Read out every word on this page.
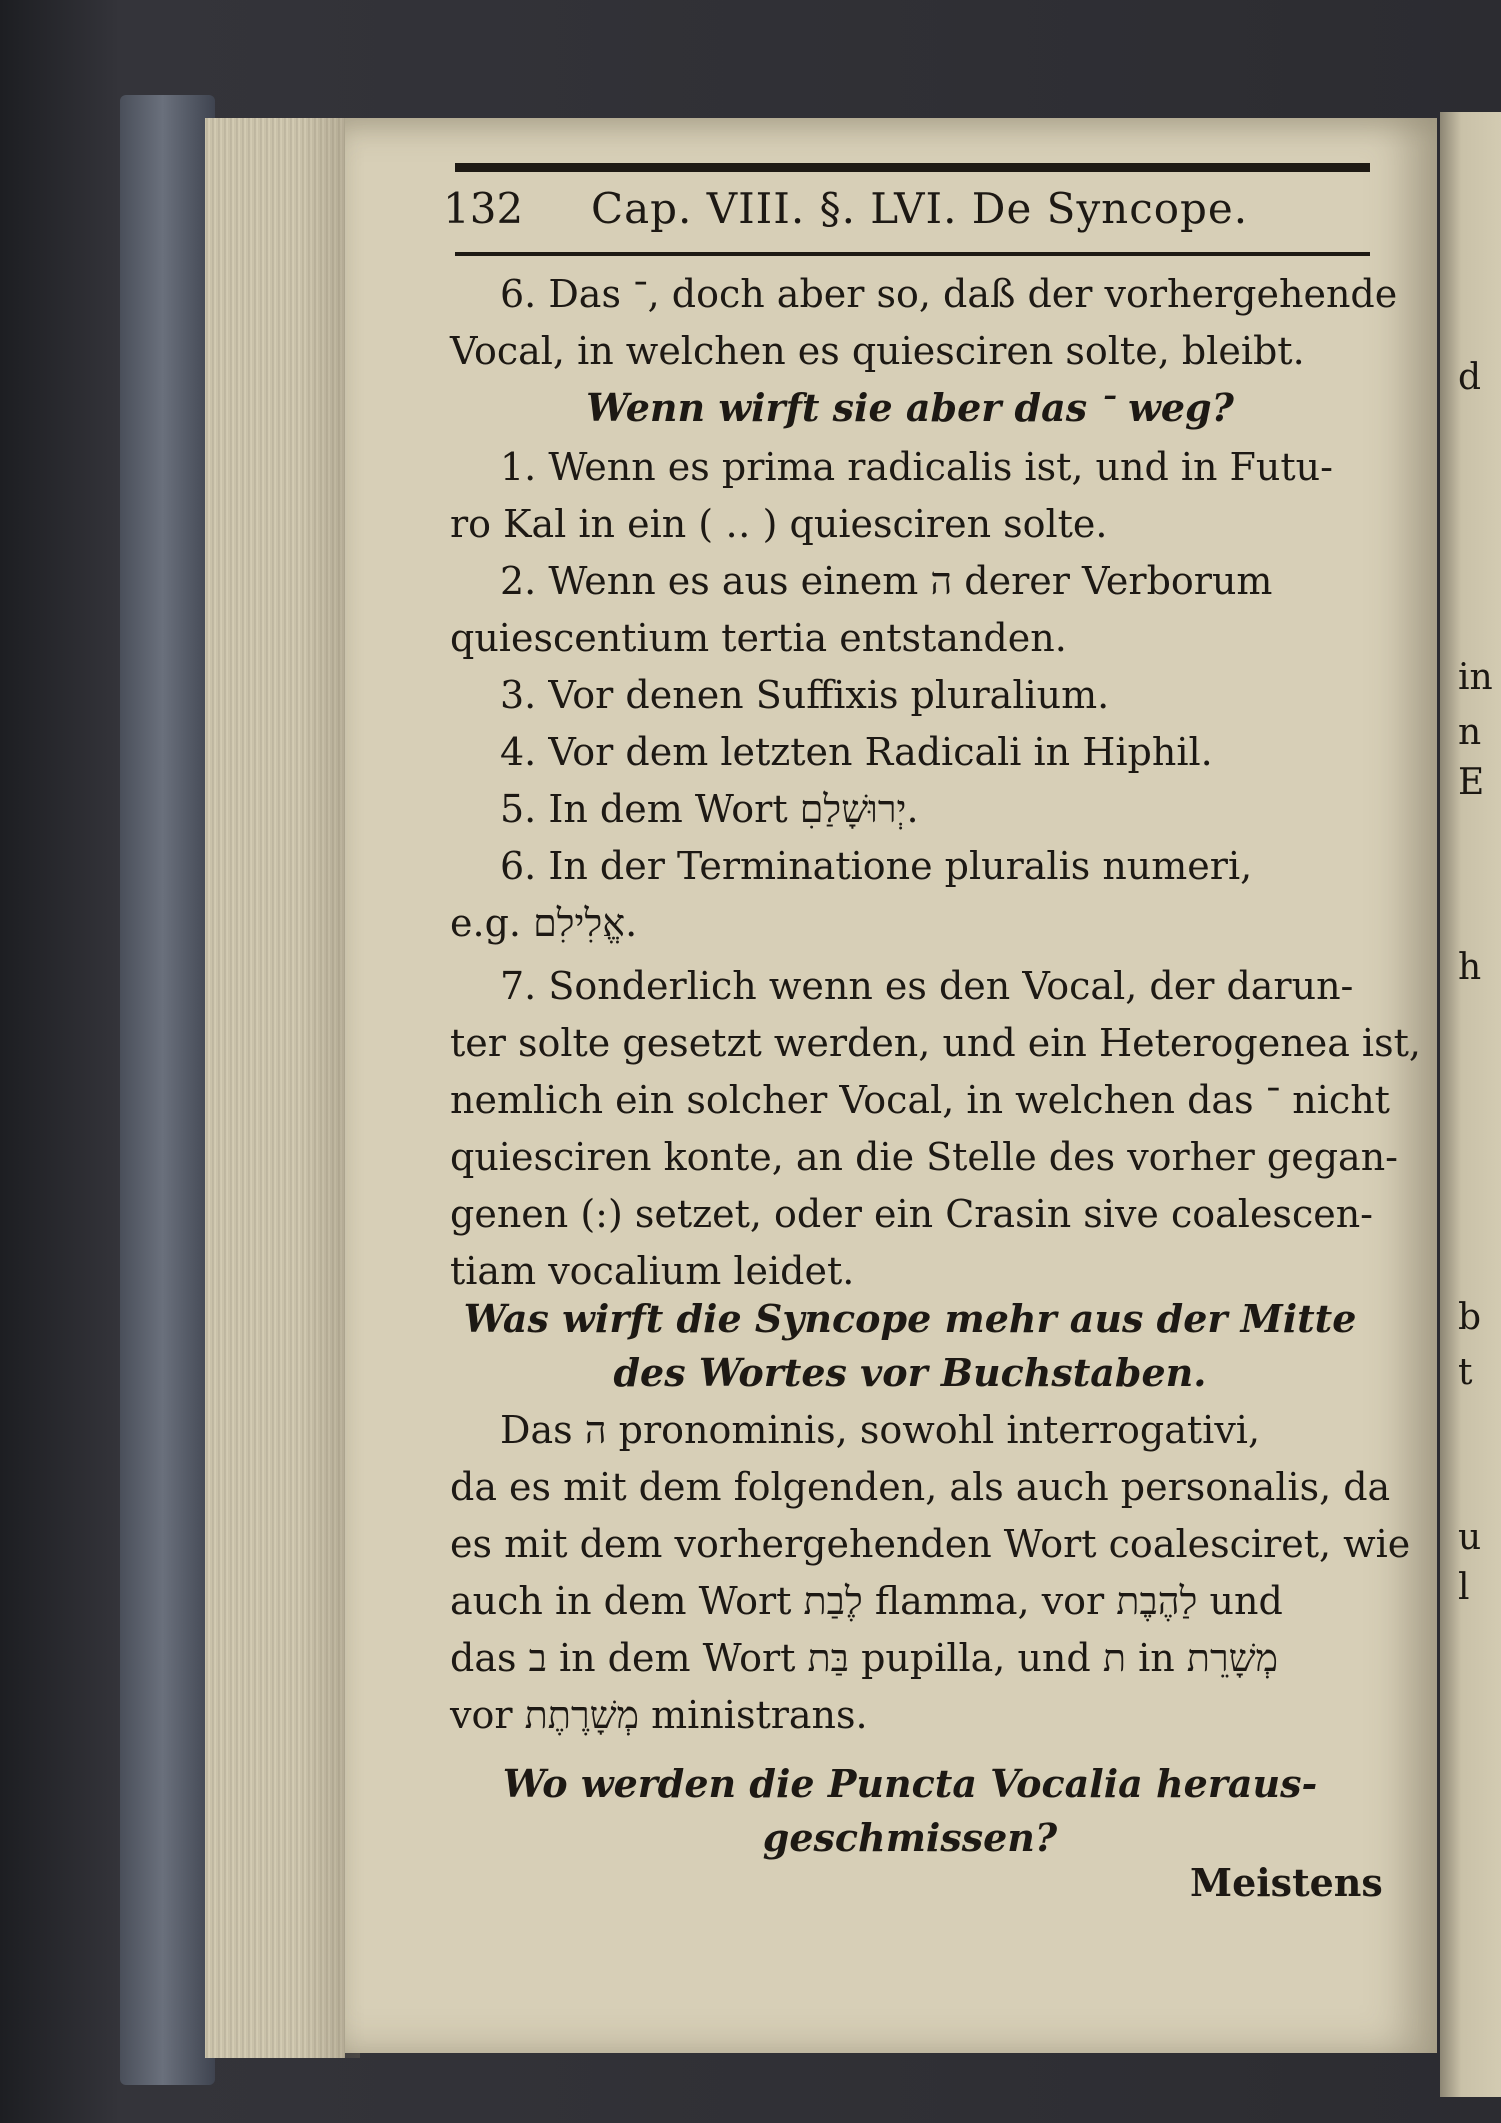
d
in
n
E
h
b
t
u
l
132 Cap. VIII. §. LVI. De Syncope.
6. Das ־, doch aber so, daß der vorhergehende
Vocal, in welchen es quiesciren solte, bleibt.
Wenn wirft sie aber das ־ weg?
1. Wenn es prima radicalis ist, und in Futu-
ro Kal in ein ( ‥ ) quiesciren solte.
2. Wenn es aus einem ה derer Verborum
quiescentium tertia entstanden.
3. Vor denen Suffixis pluralium.
4. Vor dem letzten Radicali in Hiphil.
5. In dem Wort יְרוּשָׁלַםִ.
6. In der Terminatione pluralis numeri,
e.g. אֱלִילִם.
7. Sonderlich wenn es den Vocal, der darun-
ter solte gesetzt werden, und ein Heterogenea ist,
nemlich ein solcher Vocal, in welchen das ־ nicht
quiesciren konte, an die Stelle des vorher gegan-
genen (:) setzet, oder ein Crasin sive coalescen-
tiam vocalium leidet.
Was wirft die Syncope mehr aus der Mitte
des Wortes vor Buchstaben.
Das ה pronominis, sowohl interrogativi,
da es mit dem folgenden, als auch personalis, da
es mit dem vorhergehenden Wort coalesciret, wie
auch in dem Wort לֶבַת flamma, vor לַהֶבֶת und
das ב in dem Wort בַּת pupilla, und ת in מְשָׁרֵת
vor מְשָׁרֶתֶת ministrans.
Wo werden die Puncta Vocalia heraus-
geschmissen?
Meistens
